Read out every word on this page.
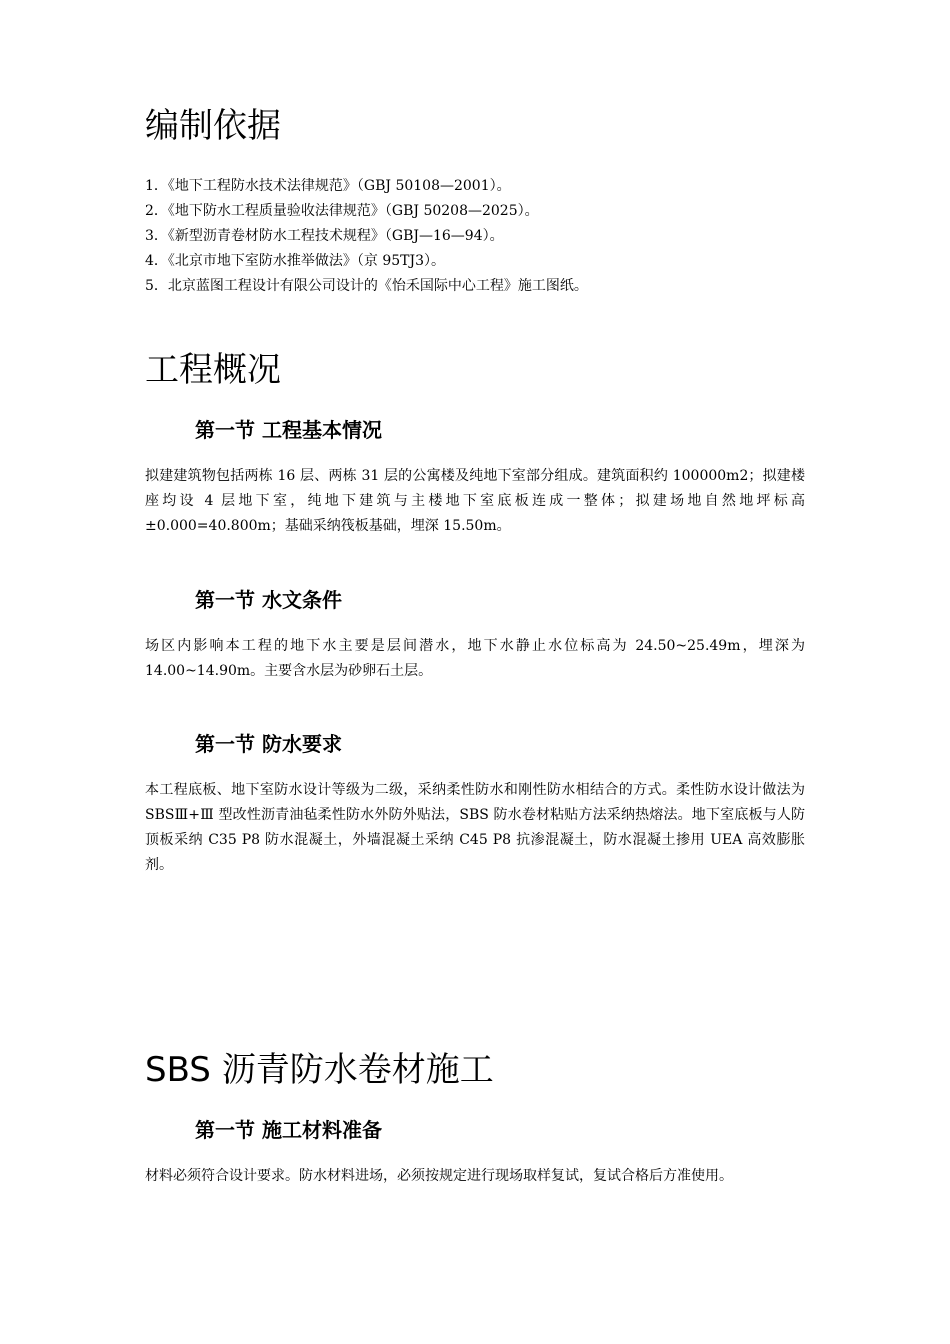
编制依据
1．《地下工程防水技术法律规范》（GBJ 50108—2001）。
2．《地下防水工程质量验收法律规范》（GBJ 50208—2025）。
3．《新型沥青卷材防水工程技术规程》（GBJ—16—94）。
4．《北京市地下室防水推举做法》（京 95TJ3）。
5．北京蓝图工程设计有限公司设计的《怡禾国际中心工程》施工图纸。
工程概况
第一节 工程基本情况

拟建建筑物包括两栋 16 层、两栋 31 层的公寓楼及纯地下室部分组成。建筑面积约 100000m2；拟建楼座均设 4 层地下室，纯地下建筑与主楼地下室底板连成一整体；拟建场地自然地坪标高±0.000=40.800m；基础采纳筏板基础，埋深 15.50m。

第一节 水文条件

场区内影响本工程的地下水主要是层间潜水，地下水静止水位标高为 24.50~25.49m，埋深为 14.00~14.90m。主要含水层为砂卵石土层。

第一节 防水要求

本工程底板、地下室防水设计等级为二级，采纳柔性防水和刚性防水相结合的方式。柔性防水设计做法为 SBSⅢ+Ⅲ 型改性沥青油毡柔性防水外防外贴法，SBS 防水卷材粘贴方法采纳热熔法。地下室底板与人防顶板采纳 C35 P8 防水混凝土，外墙混凝土采纳 C45 P8 抗渗混凝土，防水混凝土掺用 UEA 高效膨胀剂。

SBS 沥青防水卷材施工
第一节 施工材料准备

材料必须符合设计要求。防水材料进场，必须按规定进行现场取样复试，复试合格后方准使用。
